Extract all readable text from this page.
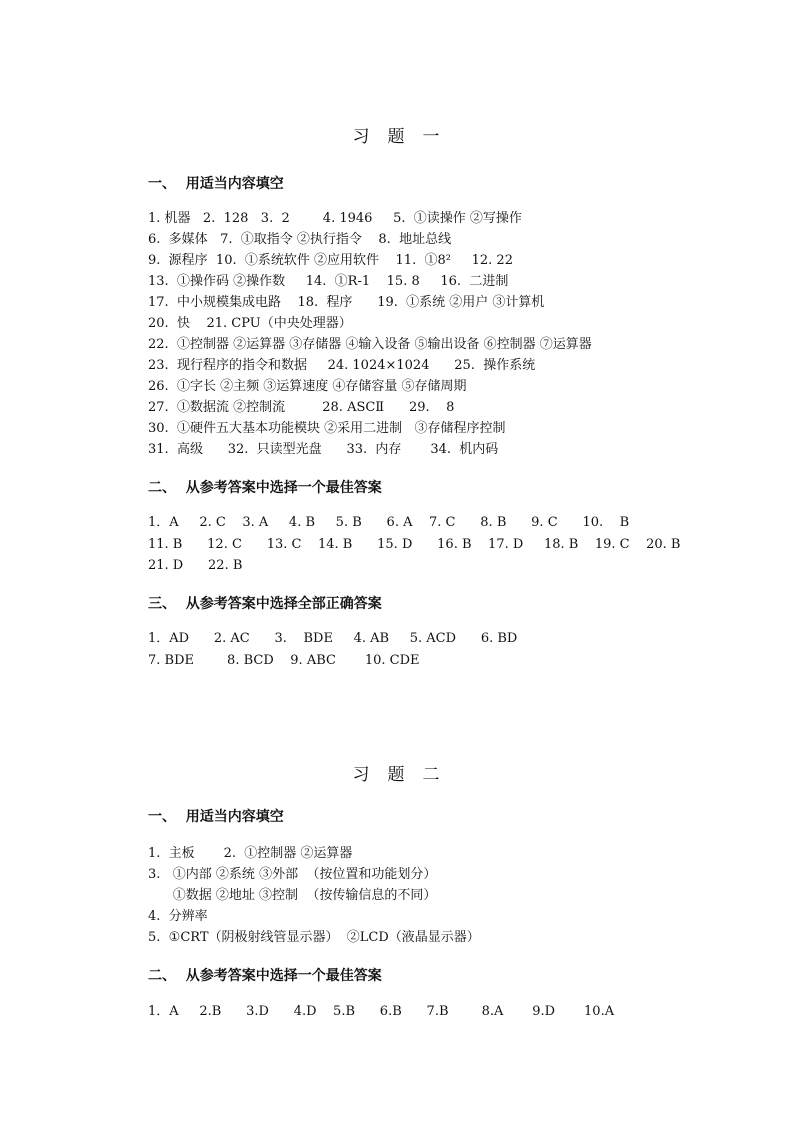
习 题 一
一、  用适当内容填空
1. 机器   2.  128   3.  2        4. 1946     5.  ①读操作 ②写操作
6.  多媒体   7.  ①取指令 ②执行指令    8.  地址总线
9.  源程序  10.  ①系统软件 ②应用软件    11.  ①8²     12. 22
13.  ①操作码 ②操作数     14.  ①R-1    15. 8     16.  二进制
17.  中小规模集成电路    18.  程序      19.  ①系统 ②用户 ③计算机
20.  快    21. CPU（中央处理器）
22.  ①控制器 ②运算器 ③存储器 ④输入设备 ⑤输出设备 ⑥控制器 ⑦运算器
23.  现行程序的指令和数据     24. 1024×1024      25.  操作系统
26.  ①字长 ②主频 ③运算速度 ④存储容量 ⑤存储周期
27.  ①数据流 ②控制流         28. ASCⅡ      29.    8
30.  ①硬件五大基本功能模块 ②采用二进制   ③存储程序控制
31.  高级      32.  只读型光盘      33.  内存       34.  机内码
二、  从参考答案中选择一个最佳答案
1．A     2. C    3. A     4. B     5. B      6. A    7. C      8. B      9. C      10.    B
11. B      12. C      13. C    14. B      15. D      16. B    17. D     18. B    19. C    20. B
21. D      22. B
三、  从参考答案中选择全部正确答案
1．AD      2. AC      3.    BDE     4. AB     5. ACD      6. BD
7. BDE        8. BCD    9. ABC       10. CDE
习 题 二
一、  用适当内容填空
1.  主板       2.  ①控制器 ②运算器
3.   ①内部 ②系统 ③外部  （按位置和功能划分）
①数据 ②地址 ③控制  （按传输信息的不同）
4.  分辨率
5.  ①CRT（阴极射线管显示器）  ②LCD（液晶显示器）
二、  从参考答案中选择一个最佳答案
1．A     2.B      3.D      4.D    5.B      6.B      7.B        8.A       9.D       10.A
